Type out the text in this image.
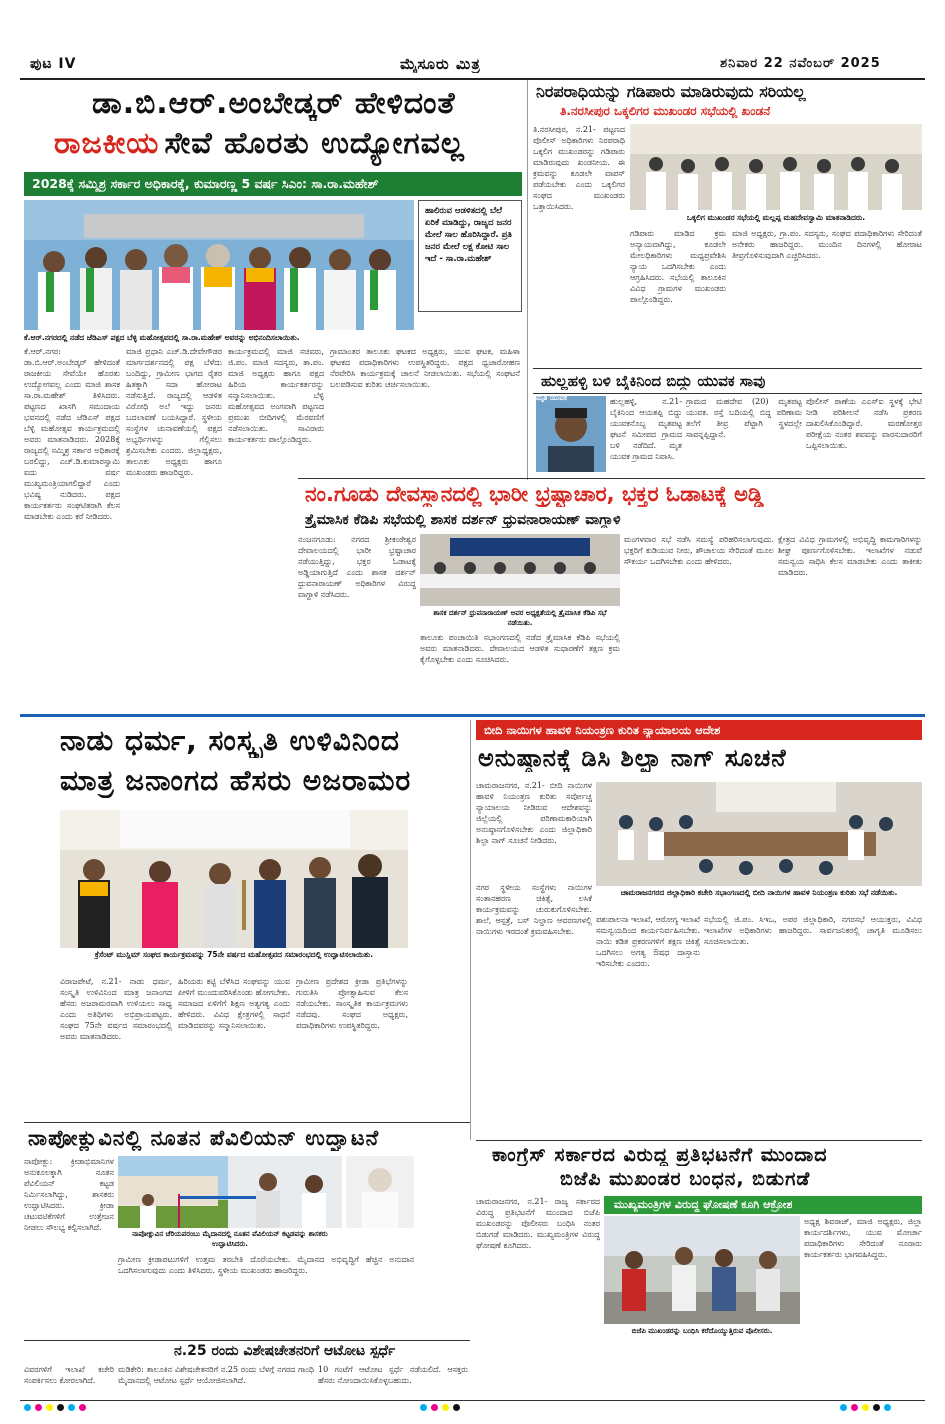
ಪುಟ IV	ಮೈಸೂರು ಮಿತ್ರ	ಶನಿವಾರ 22 ನವೆಂಬರ್ 2025
ಡಾ.ಬಿ.ಆರ್.ಅಂಬೇಡ್ಕರ್ ಹೇಳಿದಂತೆ
ರಾಜಕೀಯ ಸೇವೆ ಹೊರತು ಉದ್ಯೋಗವಲ್ಲ
2028ಕ್ಕೆ ಸಮ್ಮಿಶ್ರ ಸರ್ಕಾರ ಅಧಿಕಾರಕ್ಕೆ, ಕುಮಾರಣ್ಣ 5 ವರ್ಷ ಸಿಎಂ: ಸಾ.ರಾ.ಮಹೇಶ್
ಹಾಲಿರುವ ಆಡಳಿತದಲ್ಲಿ ಬೆಲೆ ಏರಿಕೆ ಮಾಡಿದ್ದು, ರಾಜ್ಯದ ಜನರ ಮೇಲೆ ಸಾಲ ಹೊರಿಸಿದ್ದಾರೆ. ಪ್ರತಿ ಜನರ ಮೇಲೆ ಲಕ್ಷ ಕೋಟಿ ಸಾಲ ಇದೆ - ಸಾ.ರಾ.ಮಹೇಶ್
ಕೆ.ಆರ್.ನಗರದಲ್ಲಿ ನಡೆದ ಜೆಡಿಎಸ್ ಪಕ್ಷದ ಬೆಳ್ಳಿ ಮಹೋತ್ಸವದಲ್ಲಿ ಸಾ.ರಾ.ಮಹೇಶ್ ಅವರನ್ನು ಅಭಿನಂದಿಸಲಾಯಿತು.
ಕೆ.ಆರ್.ನಗರ: ಡಾ.ಬಿ.ಆರ್.ಅಂಬೇಡ್ಕರ್ ಹೇಳಿದಂತೆ ರಾಜಕೀಯ ಸೇವೆಯೇ ಹೊರತು ಉದ್ಯೋಗವಲ್ಲ ಎಂದು ಮಾಜಿ ಶಾಸಕ ಸಾ.ರಾ.ಮಹೇಶ್ ತಿಳಿಸಿದರು. ಪಟ್ಟಣದ ಖಾಸಗಿ ಸಮುದಾಯ ಭವನದಲ್ಲಿ ನಡೆದ ಜೆಡಿಎಸ್ ಪಕ್ಷದ ಬೆಳ್ಳಿ ಮಹೋತ್ಸವ ಕಾರ್ಯಕ್ರಮದಲ್ಲಿ ಅವರು ಮಾತನಾಡಿದರು. 2028ಕ್ಕೆ ರಾಜ್ಯದಲ್ಲಿ ಸಮ್ಮಿಶ್ರ ಸರ್ಕಾರ ಅಧಿಕಾರಕ್ಕೆ ಬರಲಿದ್ದು, ಎಚ್.ಡಿ.ಕುಮಾರಸ್ವಾಮಿ ಐದು ವರ್ಷ ಮುಖ್ಯಮಂತ್ರಿಯಾಗಲಿದ್ದಾರೆ ಎಂದು ಭವಿಷ್ಯ ನುಡಿದರು. ಪಕ್ಷದ ಕಾರ್ಯಕರ್ತರು ಸಂಘಟಿತರಾಗಿ ಕೆಲಸ ಮಾಡಬೇಕು ಎಂದು ಕರೆ ನೀಡಿದರು.
ಮಾಜಿ ಪ್ರಧಾನಿ ಎಚ್.ಡಿ.ದೇವೇಗೌಡರ ಮಾರ್ಗದರ್ಶನದಲ್ಲಿ ಪಕ್ಷ ಬೆಳೆದು ಬಂದಿದ್ದು, ಗ್ರಾಮೀಣ ಭಾಗದ ರೈತರ ಹಿತಕ್ಕಾಗಿ ಸದಾ ಹೋರಾಟ ನಡೆಸುತ್ತಿದೆ. ರಾಜ್ಯದಲ್ಲಿ ಆಡಳಿತ ವಿರೋಧಿ ಅಲೆ ಇದ್ದು ಜನರು ಬದಲಾವಣೆ ಬಯಸಿದ್ದಾರೆ. ಸ್ಥಳೀಯ ಸಂಸ್ಥೆಗಳ ಚುನಾವಣೆಯಲ್ಲಿ ಪಕ್ಷದ ಅಭ್ಯರ್ಥಿಗಳನ್ನು ಗೆಲ್ಲಿಸಲು ಶ್ರಮಿಸಬೇಕು ಎಂದರು. ಜಿಲ್ಲಾಧ್ಯಕ್ಷರು, ತಾಲೂಕು ಅಧ್ಯಕ್ಷರು ಹಾಗೂ ಮುಖಂಡರು ಹಾಜರಿದ್ದರು.
ಕಾರ್ಯಕ್ರಮದಲ್ಲಿ ಮಾಜಿ ಸಚಿವರು, ಜಿ.ಪಂ. ಮಾಜಿ ಸದಸ್ಯರು, ತಾ.ಪಂ. ಮಾಜಿ ಅಧ್ಯಕ್ಷರು ಹಾಗೂ ಪಕ್ಷದ ಹಿರಿಯ ಕಾರ್ಯಕರ್ತರನ್ನು ಸನ್ಮಾನಿಸಲಾಯಿತು. ಬೆಳ್ಳಿ ಮಹೋತ್ಸವದ ಅಂಗವಾಗಿ ಪಟ್ಟಣದ ಪ್ರಮುಖ ಬೀದಿಗಳಲ್ಲಿ ಮೆರವಣಿಗೆ ನಡೆಸಲಾಯಿತು. ಸಾವಿರಾರು ಕಾರ್ಯಕರ್ತರು ಪಾಲ್ಗೊಂಡಿದ್ದರು.
ಗ್ರಾಮಾಂತರ ತಾಲೂಕು ಘಟಕದ ಅಧ್ಯಕ್ಷರು, ಯುವ ಘಟಕ, ಮಹಿಳಾ ಘಟಕದ ಪದಾಧಿಕಾರಿಗಳು ಉಪಸ್ಥಿತರಿದ್ದರು. ಪಕ್ಷದ ಧ್ವಜಾರೋಹಣ ನೆರವೇರಿಸಿ ಕಾರ್ಯಕ್ರಮಕ್ಕೆ ಚಾಲನೆ ನೀಡಲಾಯಿತು. ಸಭೆಯಲ್ಲಿ ಸಂಘಟನೆ ಬಲಪಡಿಸುವ ಕುರಿತು ಚರ್ಚಿಸಲಾಯಿತು.
ನಿರಪರಾಧಿಯನ್ನು ಗಡಿಪಾರು ಮಾಡಿರುವುದು ಸರಿಯಲ್ಲ
ತಿ.ನರಸೀಪುರ ಒಕ್ಕಲಿಗರ ಮುಖಂಡರ ಸಭೆಯಲ್ಲಿ ಖಂಡನೆ
ತಿ.ನರಸೀಪುರ, ನ.21- ಪಟ್ಟಣದ ಪೊಲೀಸ್ ಅಧಿಕಾರಿಗಳು ನಿರಪರಾಧಿ ಒಕ್ಕಲಿಗ ಮುಖಂಡರನ್ನು ಗಡಿಪಾರು ಮಾಡಿರುವುದು ಖಂಡನೀಯ. ಈ ಕ್ರಮವನ್ನು ಕೂಡಲೇ ವಾಪಸ್ ಪಡೆಯಬೇಕು ಎಂದು ಒಕ್ಕಲಿಗರ ಸಂಘದ ಮುಖಂಡರು ಒತ್ತಾಯಿಸಿದರು.
ಒಕ್ಕಲಿಗ ಮುಖಂಡರ ಸಭೆಯಲ್ಲಿ ಮಲ್ಲಪ್ಪ ಮಹದೇವಸ್ವಾಮಿ ಮಾತನಾಡಿದರು.
ಗಡಿಪಾರು ಮಾಡಿದ ಕ್ರಮ ಅನ್ಯಾಯವಾಗಿದ್ದು, ಕೂಡಲೇ ಮೇಲಧಿಕಾರಿಗಳು ಮಧ್ಯಪ್ರವೇಶಿಸಿ ನ್ಯಾಯ ಒದಗಿಸಬೇಕು ಎಂದು ಆಗ್ರಹಿಸಿದರು. ಸಭೆಯಲ್ಲಿ ತಾಲೂಕಿನ ವಿವಿಧ ಗ್ರಾಮಗಳ ಮುಖಂಡರು ಪಾಲ್ಗೊಂಡಿದ್ದರು.
ಮಾಜಿ ಅಧ್ಯಕ್ಷರು, ಗ್ರಾ.ಪಂ. ಸದಸ್ಯರು, ಸಂಘದ ಪದಾಧಿಕಾರಿಗಳು ಸೇರಿದಂತೆ ಅನೇಕರು ಹಾಜರಿದ್ದರು. ಮುಂದಿನ ದಿನಗಳಲ್ಲಿ ಹೋರಾಟ ತೀವ್ರಗೊಳಿಸುವುದಾಗಿ ಎಚ್ಚರಿಸಿದರು.
ಹುಲ್ಲಹಳ್ಳಿ ಬಳಿ ಬೈಕಿನಿಂದ ಬಿದ್ದು ಯುವಕ ಸಾವು
ಮೃತ ಯುವಕ	ಹುಲ್ಲಹಳ್ಳಿ, ನ.21- ಬೈಕಿನಿಂದ ಆಯತಪ್ಪಿ ಬಿದ್ದು ಯುವಕನೊಬ್ಬ ಮೃತಪಟ್ಟ ಘಟನೆ ಸಮೀಪದ ಗ್ರಾಮದ ಬಳಿ ನಡೆದಿದೆ. ಮೃತ ಯುವಕ ಗ್ರಾಮದ ನಿವಾಸಿ.
ಗ್ರಾಮದ ಮಹದೇವ (20) ಮೃತಪಟ್ಟ ಯುವಕ. ರಸ್ತೆ ಬದಿಯಲ್ಲಿ ಬಿದ್ದ ಪರಿಣಾಮ ತಲೆಗೆ ತೀವ್ರ ಪೆಟ್ಟಾಗಿ ಸ್ಥಳದಲ್ಲೇ ಸಾವನ್ನಪ್ಪಿದ್ದಾನೆ.
ಪೊಲೀಸ್ ಠಾಣೆಯ ಎಎಸ್‌ಐ ಸ್ಥಳಕ್ಕೆ ಭೇಟಿ ನೀಡಿ ಪರಿಶೀಲನೆ ನಡೆಸಿ ಪ್ರಕರಣ ದಾಖಲಿಸಿಕೊಂಡಿದ್ದಾರೆ. ಮರಣೋತ್ತರ ಪರೀಕ್ಷೆಯ ನಂತರ ಶವವನ್ನು ವಾರಸುದಾರರಿಗೆ ಒಪ್ಪಿಸಲಾಯಿತು.
ನಂ.ಗೂಡು ದೇವಸ್ಥಾನದಲ್ಲಿ ಭಾರೀ ಭ್ರಷ್ಟಾಚಾರ, ಭಕ್ತರ ಓಡಾಟಕ್ಕೆ ಅಡ್ಡಿ
ತ್ರೈಮಾಸಿಕ ಕೆಡಿಪಿ ಸಭೆಯಲ್ಲಿ ಶಾಸಕ ದರ್ಶನ್ ಧ್ರುವನಾರಾಯಣ್ ವಾಗ್ದಾಳಿ
ನಂಜನಗೂಡು: ನಗರದ ಶ್ರೀಕಂಠೇಶ್ವರ ದೇವಾಲಯದಲ್ಲಿ ಭಾರೀ ಭ್ರಷ್ಟಾಚಾರ ನಡೆಯುತ್ತಿದ್ದು, ಭಕ್ತರ ಓಡಾಟಕ್ಕೆ ಅಡ್ಡಿಯಾಗುತ್ತಿದೆ ಎಂದು ಶಾಸಕ ದರ್ಶನ್ ಧ್ರುವನಾರಾಯಣ್ ಅಧಿಕಾರಿಗಳ ವಿರುದ್ಧ ವಾಗ್ದಾಳಿ ನಡೆಸಿದರು.
ಶಾಸಕ ದರ್ಶನ್ ಧ್ರುವನಾರಾಯಣ್ ಅವರ ಅಧ್ಯಕ್ಷತೆಯಲ್ಲಿ ತ್ರೈಮಾಸಿಕ ಕೆಡಿಪಿ ಸಭೆ ನಡೆಯಿತು.
ತಾಲೂಕು ಪಂಚಾಯಿತಿ ಸಭಾಂಗಣದಲ್ಲಿ ನಡೆದ ತ್ರೈಮಾಸಿಕ ಕೆಡಿಪಿ ಸಭೆಯಲ್ಲಿ ಅವರು ಮಾತನಾಡಿದರು. ದೇವಾಲಯದ ಆಡಳಿತ ಸುಧಾರಣೆಗೆ ತಕ್ಷಣ ಕ್ರಮ ಕೈಗೊಳ್ಳಬೇಕು ಎಂದು ಸೂಚಿಸಿದರು.
ಮಂಗಳವಾರ ಸಭೆ ನಡೆಸಿ ಸಮಸ್ಯೆ ಪರಿಹರಿಸಲಾಗುವುದು. ಭಕ್ತರಿಗೆ ಕುಡಿಯುವ ನೀರು, ಶೌಚಾಲಯ ಸೇರಿದಂತೆ ಮೂಲ ಸೌಕರ್ಯ ಒದಗಿಸಬೇಕು ಎಂದು ಹೇಳಿದರು.
ಕ್ಷೇತ್ರದ ವಿವಿಧ ಗ್ರಾಮಗಳಲ್ಲಿ ಅಭಿವೃದ್ಧಿ ಕಾಮಗಾರಿಗಳನ್ನು ಶೀಘ್ರ ಪೂರ್ಣಗೊಳಿಸಬೇಕು. ಇಲಾಖೆಗಳ ನಡುವೆ ಸಮನ್ವಯ ಸಾಧಿಸಿ ಕೆಲಸ ಮಾಡಬೇಕು ಎಂದು ತಾಕೀತು ಮಾಡಿದರು.
ನಾಡು ಧರ್ಮ, ಸಂಸ್ಕೃತಿ ಉಳಿವಿನಿಂದ
ಮಾತ್ರ ಜನಾಂಗದ ಹೆಸರು ಅಜರಾಮರ
ಕ್ರೆಸೆಂಟ್ ಮುಸ್ಲಿಮ್ ಸಂಘದ ಕಾರ್ಯಕ್ರಮವನ್ನು 75ನೇ ವರ್ಷದ ಮಹೋತ್ಸವದ ಸಮಾರಂಭದಲ್ಲಿ ಉದ್ಘಾಟಿಸಲಾಯಿತು.
ವಿರಾಜಪೇಟೆ, ನ.21- ನಾಡು ಧರ್ಮ, ಸಂಸ್ಕೃತಿ ಉಳಿವಿನಿಂದ ಮಾತ್ರ ಜನಾಂಗದ ಹೆಸರು ಅಜರಾಮರವಾಗಿ ಉಳಿಯಲು ಸಾಧ್ಯ ಎಂದು ಅತಿಥಿಗಳು ಅಭಿಪ್ರಾಯಪಟ್ಟರು. ಸಂಘದ 75ನೇ ವರ್ಷದ ಸಮಾರಂಭದಲ್ಲಿ ಅವರು ಮಾತನಾಡಿದರು.
ಹಿರಿಯರು ಕಟ್ಟಿ ಬೆಳೆಸಿದ ಸಂಘವನ್ನು ಯುವ ಪೀಳಿಗೆ ಮುಂದುವರಿಸಿಕೊಂಡು ಹೋಗಬೇಕು. ಸಮಾಜದ ಏಳಿಗೆಗೆ ಶಿಕ್ಷಣ ಅತ್ಯಗತ್ಯ ಎಂದು ಹೇಳಿದರು. ವಿವಿಧ ಕ್ಷೇತ್ರಗಳಲ್ಲಿ ಸಾಧನೆ ಮಾಡಿದವರನ್ನು ಸನ್ಮಾನಿಸಲಾಯಿತು.
ಗ್ರಾಮೀಣ ಪ್ರದೇಶದ ಕ್ರೀಡಾ ಪ್ರತಿಭೆಗಳನ್ನು ಗುರುತಿಸಿ ಪ್ರೋತ್ಸಾಹಿಸುವ ಕೆಲಸ ನಡೆಯಬೇಕು. ಸಾಂಸ್ಕೃತಿಕ ಕಾರ್ಯಕ್ರಮಗಳು ನಡೆದವು. ಸಂಘದ ಅಧ್ಯಕ್ಷರು, ಪದಾಧಿಕಾರಿಗಳು ಉಪಸ್ಥಿತರಿದ್ದರು.
ಬೀದಿ ನಾಯಿಗಳ ಹಾವಳಿ ನಿಯಂತ್ರಣ ಕುರಿತ ನ್ಯಾಯಾಲಯ ಆದೇಶ
ಅನುಷ್ಠಾನಕ್ಕೆ ಡಿಸಿ ಶಿಲ್ಪಾ ನಾಗ್ ಸೂಚನೆ
ಚಾಮರಾಜನಗರ, ನ.21- ಬೀದಿ ನಾಯಿಗಳ ಹಾವಳಿ ನಿಯಂತ್ರಣ ಕುರಿತು ಸರ್ವೋಚ್ಚ ನ್ಯಾಯಾಲಯ ನೀಡಿರುವ ಆದೇಶವನ್ನು ಜಿಲ್ಲೆಯಲ್ಲಿ ಪರಿಣಾಮಕಾರಿಯಾಗಿ ಅನುಷ್ಠಾನಗೊಳಿಸಬೇಕು ಎಂದು ಜಿಲ್ಲಾಧಿಕಾರಿ ಶಿಲ್ಪಾ ನಾಗ್ ಸೂಚನೆ ನೀಡಿದರು.
ಚಾಮರಾಜನಗರದ ಜಿಲ್ಲಾಧಿಕಾರಿ ಕಚೇರಿ ಸಭಾಂಗಣದಲ್ಲಿ ಬೀದಿ ನಾಯಿಗಳ ಹಾವಳಿ ನಿಯಂತ್ರಣ ಕುರಿತು ಸಭೆ ನಡೆಯಿತು.
ನಗರ ಸ್ಥಳೀಯ ಸಂಸ್ಥೆಗಳು ನಾಯಿಗಳ ಸಂತಾನಹರಣ ಚಿಕಿತ್ಸೆ, ಲಸಿಕೆ ಕಾರ್ಯಕ್ರಮವನ್ನು ಚುರುಕುಗೊಳಿಸಬೇಕು. ಶಾಲೆ, ಆಸ್ಪತ್ರೆ, ಬಸ್ ನಿಲ್ದಾಣ ಆವರಣಗಳಲ್ಲಿ ನಾಯಿಗಳು ಇರದಂತೆ ಕ್ರಮವಹಿಸಬೇಕು.
ಪಶುಪಾಲನಾ ಇಲಾಖೆ, ಆರೋಗ್ಯ ಇಲಾಖೆ ಸಮನ್ವಯದಿಂದ ಕಾರ್ಯನಿರ್ವಹಿಸಬೇಕು. ನಾಯಿ ಕಡಿತ ಪ್ರಕರಣಗಳಿಗೆ ತಕ್ಷಣ ಚಿಕಿತ್ಸೆ ಒದಗಿಸಲು ಅಗತ್ಯ ಔಷಧ ದಾಸ್ತಾನು ಇರಿಸಬೇಕು ಎಂದರು.
ಸಭೆಯಲ್ಲಿ ಜಿ.ಪಂ. ಸಿಇಒ, ಅಪರ ಜಿಲ್ಲಾಧಿಕಾರಿ, ನಗರಸಭೆ ಆಯುಕ್ತರು, ವಿವಿಧ ಇಲಾಖೆಗಳ ಅಧಿಕಾರಿಗಳು ಹಾಜರಿದ್ದರು. ಸಾರ್ವಜನಿಕರಲ್ಲಿ ಜಾಗೃತಿ ಮೂಡಿಸಲು ಸೂಚಿಸಲಾಯಿತು.
ನಾಪೋಕ್ಲುವಿನಲ್ಲಿ ನೂತನ ಪೆವಿಲಿಯನ್ ಉದ್ಘಾಟನೆ
ನಾಪೋಕ್ಲು: ಕ್ರೀಡಾಭಿಮಾನಿಗಳ ಅನುಕೂಲಕ್ಕಾಗಿ ನೂತನ ಪೆವಿಲಿಯನ್ ಕಟ್ಟಡ ನಿರ್ಮಿಸಲಾಗಿದ್ದು, ಶಾಸಕರು ಉದ್ಘಾಟಿಸಿದರು. ಕ್ರೀಡಾ ಚಟುವಟಿಕೆಗಳಿಗೆ ಉತ್ತೇಜನ ನೀಡಲು ಸೌಲಭ್ಯ ಕಲ್ಪಿಸಲಾಗಿದೆ.
ನಾಪೋಕ್ಲುವಿನ ಚೆರಿಯಪರಂಬು ಮೈದಾನದಲ್ಲಿ ನೂತನ ಪೆವಿಲಿಯನ್ ಕಟ್ಟಡವನ್ನು ಶಾಸಕರು ಉದ್ಘಾಟಿಸಿದರು.
ಗ್ರಾಮೀಣ ಕ್ರೀಡಾಪಟುಗಳಿಗೆ ಉತ್ತಮ ತರಬೇತಿ ದೊರೆಯಬೇಕು. ಮೈದಾನದ ಅಭಿವೃದ್ಧಿಗೆ ಹೆಚ್ಚಿನ ಅನುದಾನ ಒದಗಿಸಲಾಗುವುದು ಎಂದು ತಿಳಿಸಿದರು. ಸ್ಥಳೀಯ ಮುಖಂಡರು ಹಾಜರಿದ್ದರು.
ಕಾಂಗ್ರೆಸ್ ಸರ್ಕಾರದ ವಿರುದ್ಧ ಪ್ರತಿಭಟನೆಗೆ ಮುಂದಾದ
ಬಿಜೆಪಿ ಮುಖಂಡರ ಬಂಧನ, ಬಿಡುಗಡೆ
ಚಾಮರಾಜನಗರ, ನ.21- ರಾಜ್ಯ ಸರ್ಕಾರದ ವಿರುದ್ಧ ಪ್ರತಿಭಟನೆಗೆ ಮುಂದಾದ ಬಿಜೆಪಿ ಮುಖಂಡರನ್ನು ಪೊಲೀಸರು ಬಂಧಿಸಿ ನಂತರ ಬಿಡುಗಡೆ ಮಾಡಿದರು. ಮುಖ್ಯಮಂತ್ರಿಗಳ ವಿರುದ್ಧ ಘೋಷಣೆ ಕೂಗಿದರು.
ಮುಖ್ಯಮಂತ್ರಿಗಳ ವಿರುದ್ಧ ಘೋಷಣೆ ಕೂಗಿ ಆಕ್ರೋಶ
ಬಿಜೆಪಿ ಮುಖಂಡರನ್ನು ಬಂಧಿಸಿ ಕರೆದೊಯ್ಯುತ್ತಿರುವ ಪೊಲೀಸರು.
ಅಧ್ಯಕ್ಷ ಶಿವರಾಜ್, ಮಾಜಿ ಅಧ್ಯಕ್ಷರು, ಜಿಲ್ಲಾ ಕಾರ್ಯದರ್ಶಿಗಳು, ಯುವ ಮೋರ್ಚಾ ಪದಾಧಿಕಾರಿಗಳು ಸೇರಿದಂತೆ ನೂರಾರು ಕಾರ್ಯಕರ್ತರು ಭಾಗವಹಿಸಿದ್ದರು.
ನ.25 ರಂದು ವಿಶೇಷಚೇತನರಿಗೆ ಆಟೋಟ ಸ್ಪರ್ಧೆ
ಮಡಿಕೇರಿ: ತಾಲೂಕಿನ ವಿಶೇಷಚೇತನರಿಗೆ ನ.25 ರಂದು ಬೆಳಗ್ಗೆ ನಗರದ ಗಾಂಧಿ ಮೈದಾನದಲ್ಲಿ ಆಟೋಟ ಸ್ಪರ್ಧೆ ಆಯೋಜಿಸಲಾಗಿದೆ.
10 ಗಂಟೆಗೆ ಆಟೋಟ ಸ್ಪರ್ಧೆ ನಡೆಯಲಿದೆ. ಆಸಕ್ತರು ಹೆಸರು ನೋಂದಾಯಿಸಿಕೊಳ್ಳಬಹುದು.
ವಿವರಗಳಿಗೆ ಇಲಾಖೆ ಕಚೇರಿ ಸಂಪರ್ಕಿಸಲು ಕೋರಲಾಗಿದೆ.
